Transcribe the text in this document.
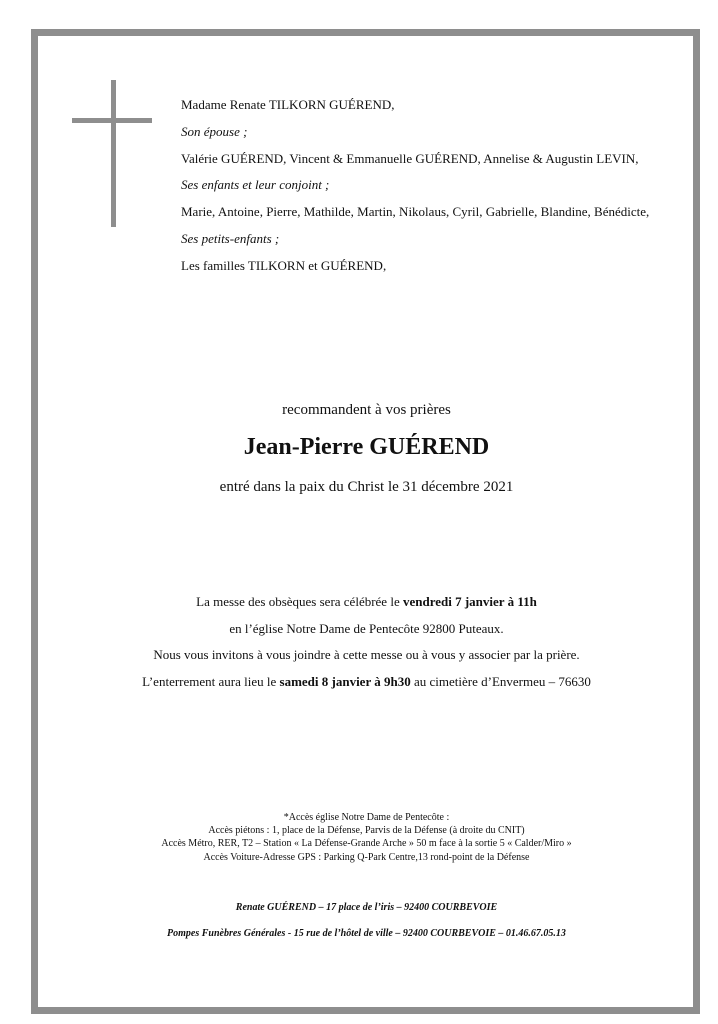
Madame Renate TILKORN GUÉREND,
Son épouse ;
Valérie GUÉREND, Vincent & Emmanuelle GUÉREND, Annelise & Augustin LEVIN,
Ses enfants et leur conjoint ;
Marie, Antoine, Pierre, Mathilde, Martin, Nikolaus, Cyril, Gabrielle, Blandine, Bénédicte,
Ses petits-enfants ;
Les familles TILKORN et GUÉREND,
recommandent à vos prières
Jean-Pierre GUÉREND
entré dans la paix du Christ le 31 décembre 2021
La messe des obsèques sera célébrée le vendredi 7 janvier à 11h
en l’église Notre Dame de Pentecôte 92800 Puteaux.
Nous vous invitons à vous joindre à cette messe ou à vous y associer par la prière.
L’enterrement aura lieu le samedi 8 janvier à 9h30 au cimetière d’Envermeu – 76630
*Accès église Notre Dame de Pentecôte :
Accès piétons : 1, place de la Défense, Parvis de la Défense (à droite du CNIT)
Accès Métro, RER, T2 – Station « La Défense-Grande Arche » 50 m face à la sortie 5 « Calder/Miro »
Accès Voiture-Adresse GPS : Parking Q-Park Centre,13 rond-point de la Défense
Renate GUÉREND – 17 place de l’iris – 92400 COURBEVOIE
Pompes Funèbres Générales - 15 rue de l’hôtel de ville – 92400 COURBEVOIE – 01.46.67.05.13
